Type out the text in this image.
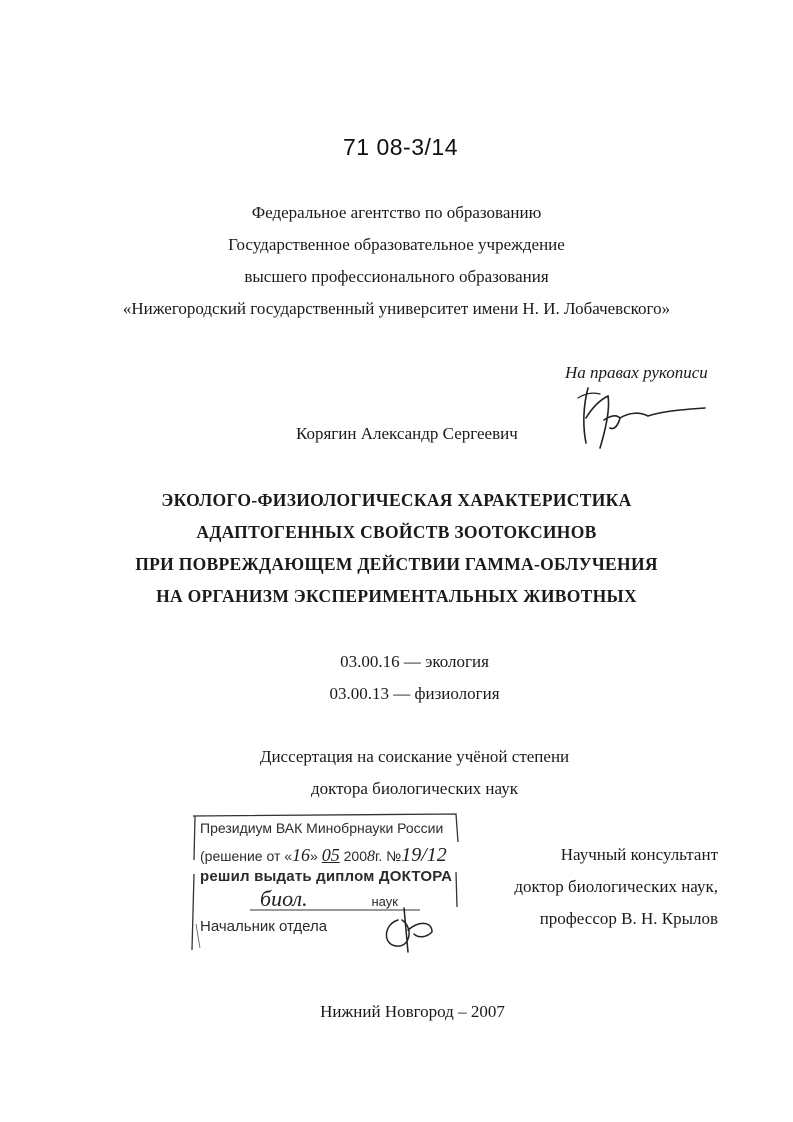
71 08-3/14
Федеральное агентство по образованию
Государственное образовательное учреждение
высшего профессионального образования
«Нижегородский государственный университет имени Н. И. Лобачевского»
На правах рукописи
Корягин Александр Сергеевич
ЭКОЛОГО-ФИЗИОЛОГИЧЕСКАЯ ХАРАКТЕРИСТИКА
АДАПТОГЕННЫХ СВОЙСТВ ЗООТОКСИНОВ
ПРИ ПОВРЕЖДАЮЩЕМ ДЕЙСТВИИ ГАММА-ОБЛУЧЕНИЯ
НА ОРГАНИЗМ ЭКСПЕРИМЕНТАЛЬНЫХ ЖИВОТНЫХ
03.00.16 — экология
03.00.13 — физиология
Диссертация на соискание учёной степени
доктора биологических наук
Президиум ВАК Минобрнауки России
(решение от «16» 05 2008г. №19/12
решил выдать диплом ДОКТОРА
биол.	наук
Начальник отдела
Научный консультант
доктор биологических наук,
профессор В. Н. Крылов
Нижний Новгород – 2007
